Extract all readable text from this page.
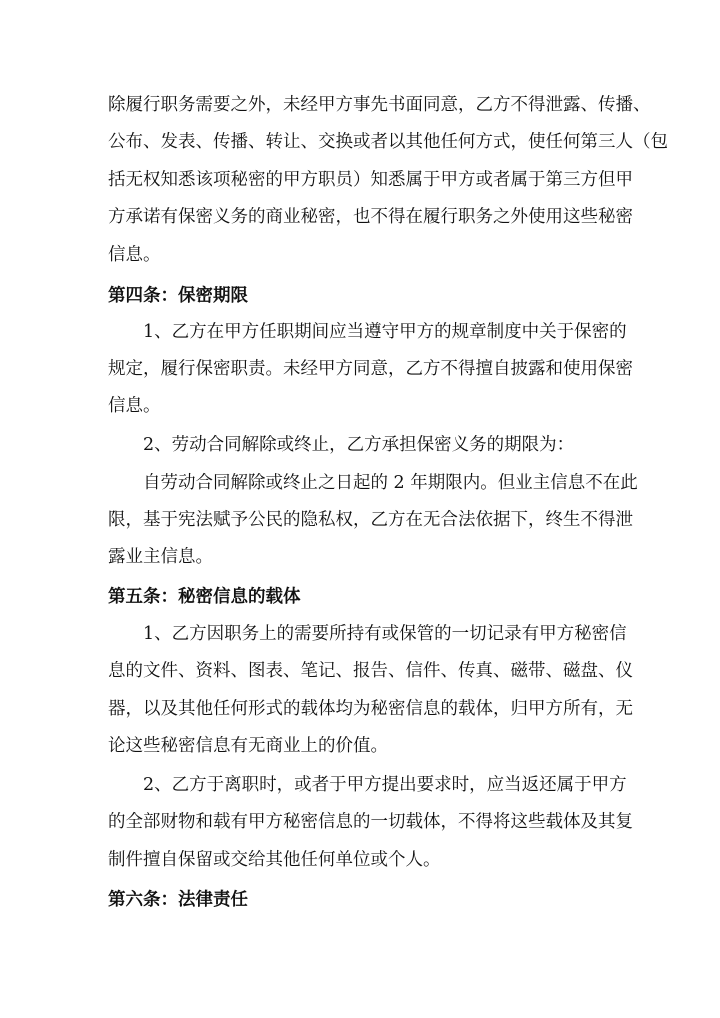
除履行职务需要之外，未经甲方事先书面同意，乙方不得泄露、传播、
公布、发表、传播、转让、交换或者以其他任何方式，使任何第三人（包
括无权知悉该项秘密的甲方职员）知悉属于甲方或者属于第三方但甲
方承诺有保密义务的商业秘密，也不得在履行职务之外使用这些秘密
信息。
第四条：保密期限
1、乙方在甲方任职期间应当遵守甲方的规章制度中关于保密的
规定，履行保密职责。未经甲方同意，乙方不得擅自披露和使用保密
信息。
2、劳动合同解除或终止，乙方承担保密义务的期限为：
自劳动合同解除或终止之日起的 2 年期限内。但业主信息不在此
限，基于宪法赋予公民的隐私权，乙方在无合法依据下，终生不得泄
露业主信息。
第五条：秘密信息的载体
1、乙方因职务上的需要所持有或保管的一切记录有甲方秘密信
息的文件、资料、图表、笔记、报告、信件、传真、磁带、磁盘、仪
器，以及其他任何形式的载体均为秘密信息的载体，归甲方所有，无
论这些秘密信息有无商业上的价值。
2、乙方于离职时，或者于甲方提出要求时，应当返还属于甲方
的全部财物和载有甲方秘密信息的一切载体，不得将这些载体及其复
制件擅自保留或交给其他任何单位或个人。
第六条：法律责任
